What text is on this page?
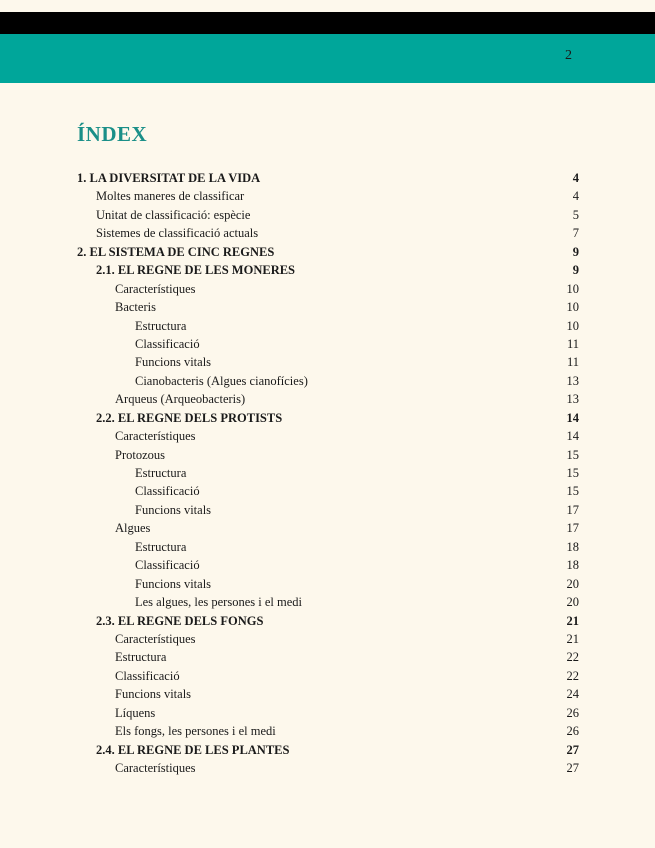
2
ÍNDEX
1. LA DIVERSITAT DE LA VIDA	4
Moltes maneres de classificar	4
Unitat de classificació: espècie	5
Sistemes de classificació actuals	7
2. EL SISTEMA DE CINC REGNES	9
2.1. EL REGNE DE LES MONERES	9
Característiques	10
Bacteris	10
Estructura	10
Classificació	11
Funcions vitals	11
Cianobacteris (Algues cianofícies)	13
Arqueus (Arqueobacteris)	13
2.2. EL REGNE DELS PROTISTS	14
Característiques	14
Protozous	15
Estructura	15
Classificació	15
Funcions vitals	17
Algues	17
Estructura	18
Classificació	18
Funcions vitals	20
Les algues, les persones i el medi	20
2.3. EL REGNE DELS FONGS	21
Característiques	21
Estructura	22
Classificació	22
Funcions vitals	24
Líquens	26
Els fongs, les persones i el medi	26
2.4. EL REGNE DE LES PLANTES	27
Característiques	27
